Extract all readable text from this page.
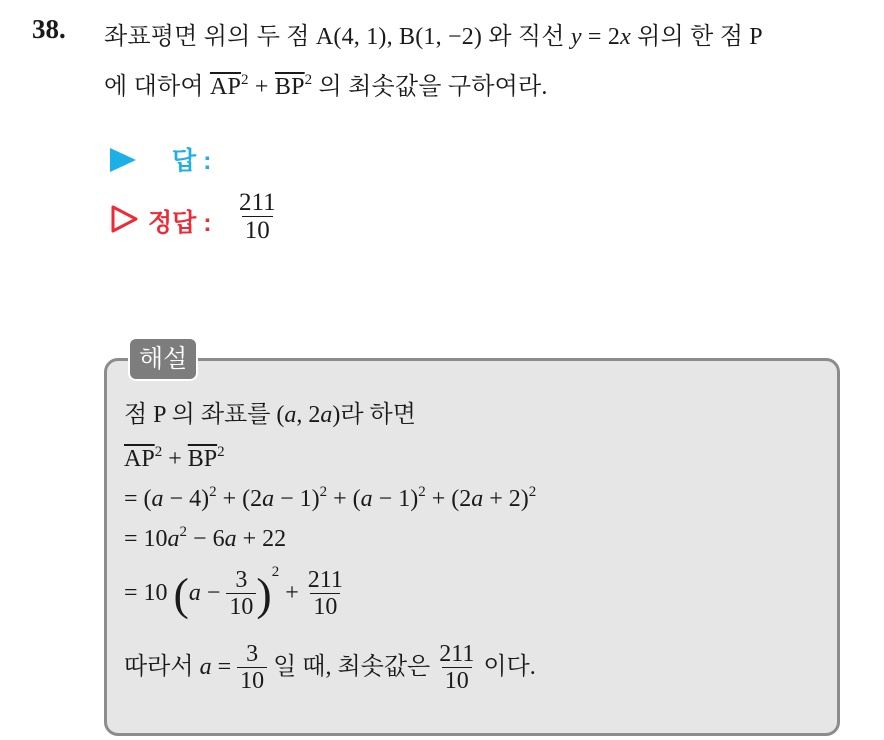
38. 좌표평면 위의 두 점 A(4, 1), B(1, −2) 와 직선 y = 2x 위의 한 점 P
에 대하여 $\overline{AP}^2 + \overline{BP}^2$ 의 최솟값을 구하여라.
답 :
정답 : $\frac{211}{10}$
해설
점 P 의 좌표를 (a, 2a)라 하면
$\overline{AP}^2 + \overline{BP}^2$
= $(a - 4)^2 + (2a - 1)^2 + (a - 1)^2 + (2a + 2)^2$
= $10a^2 - 6a + 22$
= 10 $(a - \frac{3}{10} )^2 + \frac{211}{10}$
따라서 $a = \frac{3}{10}$ 일 때, 최솟값은 $\frac{211}{10}$ 이다.
